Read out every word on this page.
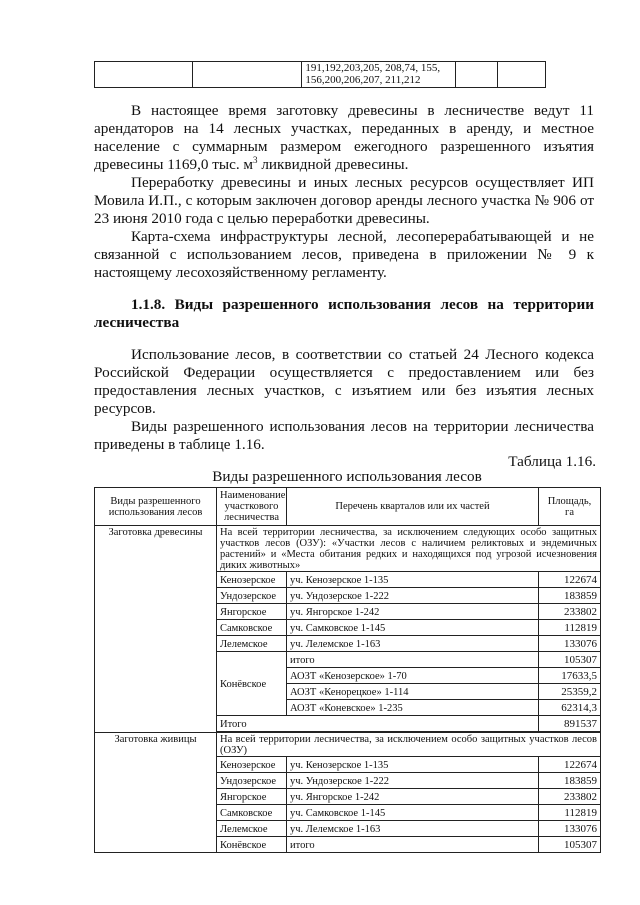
		191,192,203,205, 208,74, 155,
156,200,206,207, 211,212		

В настоящее время заготовку древесины в лесничестве ведут 11 арендаторов на 14 лесных участках, переданных в аренду, и местное население с суммарным размером ежегодного разрешенного изъятия древесины 1169,0 тыс. $м^3$ ликвидной древесины.

Переработку древесины и иных лесных ресурсов осуществляет ИП Мовила И.П., с которым заключен договор аренды лесного участка № 906 от 23 июня 2010 года с целью переработки древесины.

Карта-схема инфраструктуры лесной, лесоперерабатывающей и не связанной с использованием лесов, приведена в приложении № 9 к настоящему лесохозяйственному регламенту.

1.1.8. Виды разрешенного использования лесов на территории лесничества

Использование лесов, в соответствии со статьей 24 Лесного кодекса Российской Федерации осуществляется с предоставлением или без предоставления лесных участков, с изъятием или без изъятия лесных ресурсов.

Виды разрешенного использования лесов на территории лесничества приведены в таблице 1.16.

Таблица 1.16.
Виды разрешенного использования лесов
Виды разрешенного использования лесов	Наименование участкового лесничества	Перечень кварталов или их частей	Площадь, га
Заготовка древесины	На всей территории лесничества, за исключением следующих особо защитных участков лесов (ОЗУ): «Участки лесов с наличием реликтовых и эндемичных растений» и «Места обитания редких и находящихся под угрозой исчезновения диких животных»		
	Кенозерское	уч. Кенозерское 1-135	122674
	Ундозерское	уч. Ундозерское 1-222	183859
	Янгорское	уч. Янгорское 1-242	233802
	Самковское	уч. Самковское 1-145	112819
	Лелемское	уч. Лелемское 1-163	133076
	Конёвское	итого	105307
		АОЗТ «Кенозерское» 1-70	17633,5
		АОЗТ «Кенорецкое» 1-114	25359,2
		АОЗТ «Коневское» 1-235	62314,3
	Итого		891537

Заготовка живицы	На всей территории лесничества, за исключением особо защитных участков лесов (ОЗУ)		
	Кенозерское	уч. Кенозерское 1-135	122674
	Ундозерское	уч. Ундозерское 1-222	183859
	Янгорское	уч. Янгорское 1-242	233802
	Самковское	уч. Самковское 1-145	112819
	Лелемское	уч. Лелемское 1-163	133076
	Конёвское	итого	105307
